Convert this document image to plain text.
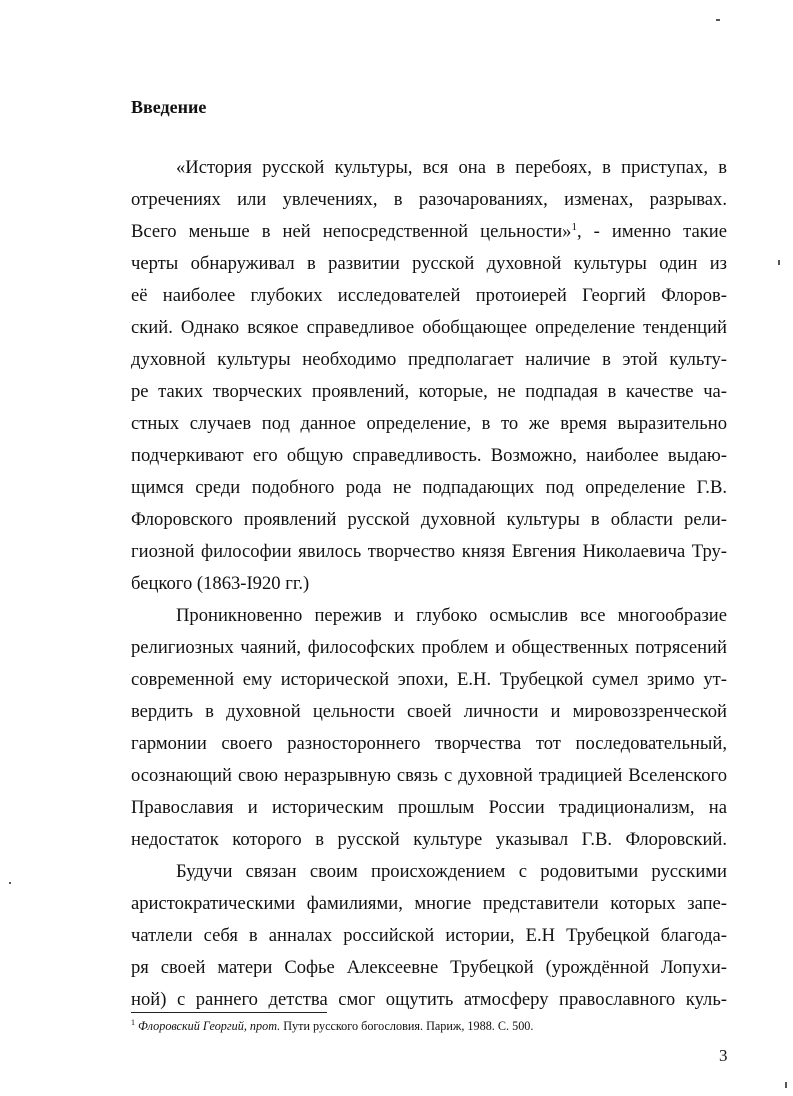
Введение
«История русской культуры, вся она в перебоях, в приступах, в
отречениях или увлечениях, в разочарованиях, изменах, разрывах.
Всего меньше в ней непосредственной цельности»$^1$, - именно такие
черты обнаруживал в развитии русской духовной культуры один из
её наиболее глубоких исследователей протоиерей Георгий Флоров-
ский. Однако всякое справедливое обобщающее определение тенденций
духовной культуры необходимо предполагает наличие в этой культу-
ре таких творческих проявлений, которые, не подпадая в качестве ча-
стных случаев под данное определение, в то же время выразительно
подчеркивают его общую справедливость. Возможно, наиболее выдаю-
щимся среди подобного рода не подпадающих под определение Г.В.
Флоровского проявлений русской духовной культуры в области рели-
гиозной философии явилось творчество князя Евгения Николаевича Тру-
бецкого (1863-I920 гг.)
Проникновенно пережив и глубоко осмыслив все многообразие
религиозных чаяний, философских проблем и общественных потрясений
современной ему исторической эпохи, Е.Н. Трубецкой сумел зримо ут-
вердить в духовной цельности своей личности и мировоззренческой
гармонии своего разностороннего творчества тот последовательный,
осознающий свою неразрывную связь с духовной традицией Вселенского
Православия и историческим прошлым России традиционализм, на
недостаток которого в русской культуре указывал Г.В. Флоровский.
Будучи связан своим происхождением с родовитыми русскими
аристократическими фамилиями, многие представители которых запе-
чатлели себя в анналах российской истории, Е.Н Трубецкой благода-
ря своей матери Софье Алексеевне Трубецкой (урождённой Лопухи-
ной) с раннего детства смог ощутить атмосферу православного куль-
$^1$ Флоровский Георгий, прот. Пути русского богословия. Париж, 1988. С. 500.
3
